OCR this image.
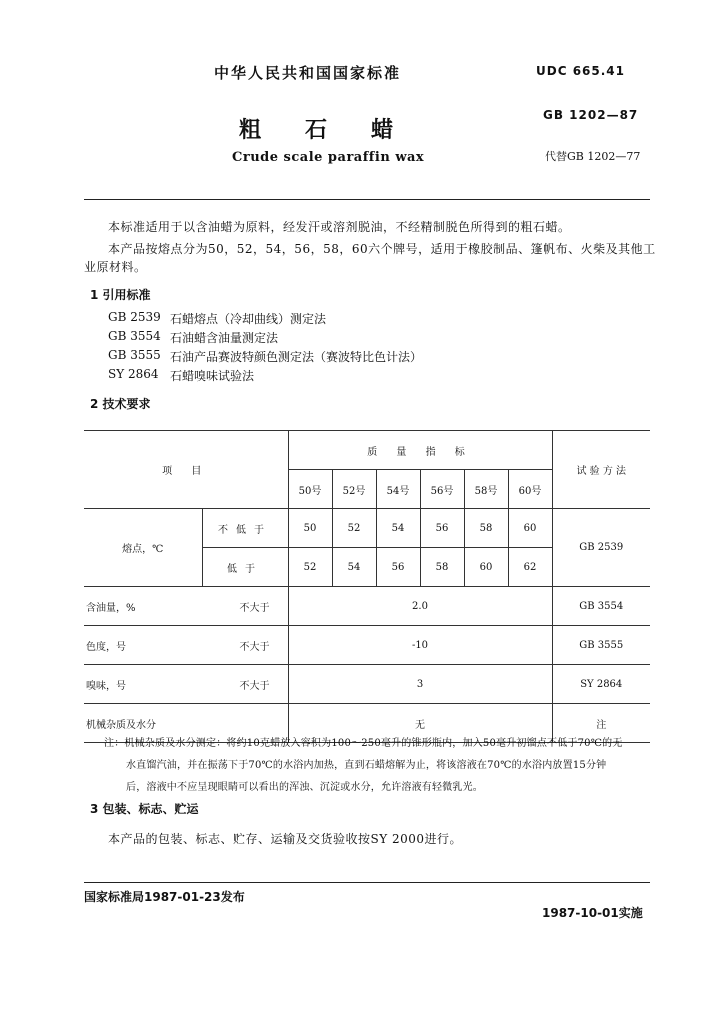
中华人民共和国国家标准	UDC 665.41
GB 1202—87
粗石蜡
Crude scale paraffin wax	代替GB 1202—77
本标准适用于以含油蜡为原料，经发汗或溶剂脱油，不经精制脱色所得到的粗石蜡。
本产品按熔点分为50，52，54，56，58，60六个牌号，适用于橡胶制品、篷帆布、火柴及其他工
业原材料。
1 引用标准
GB 2539 石蜡熔点（冷却曲线）测定法
GB 3554 石油蜡含油量测定法
GB 3555 石油产品赛波特颜色测定法（赛波特比色计法）
SY 2864 石蜡嗅味试验法
2 技术要求
项 目		质 量 指 标						试 验 方 法
		50号	52号	54号	56号	58号	60号	
熔点，℃	不低于	50	52	54	56	58	60	GB 2539
	低于	52	54	56	58	60	62	

含油量，% 不大于		2.0						GB 3554

色度，号 不大于		-10						GB 3555

嗅味，号 不大于		3						SY 2864
机械杂质及水分		无						注
注：机械杂质及水分测定：将约10克蜡放入容积为100～250毫升的锥形瓶内，加入50毫升初馏点不低于70℃的无
水直馏汽油，并在振荡下于70℃的水浴内加热，直到石蜡熔解为止，将该溶液在70℃的水浴内放置15分钟
后，溶液中不应呈现眼睛可以看出的浑浊、沉淀或水分，允许溶液有轻微乳光。
3 包装、标志、贮运
本产品的包装、标志、贮存、运输及交货验收按SY 2000进行。
国家标准局1987-01-23发布
1987-10-01实施
